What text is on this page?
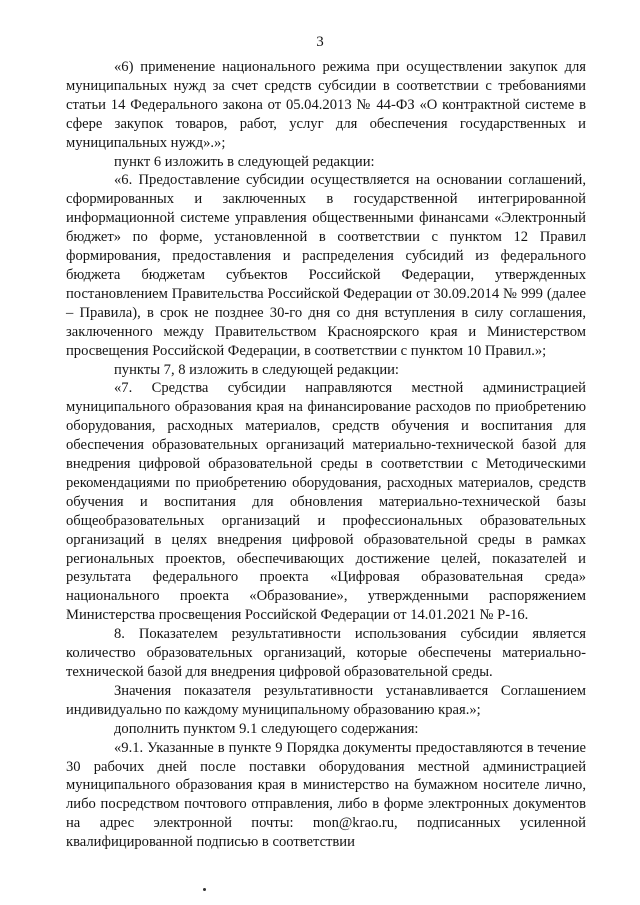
3

«6) применение национального режима при осуществлении закупок для муниципальных нужд за счет средств субсидии в соответствии с требованиями статьи 14 Федерального закона от 05.04.2013 № 44-ФЗ «О контрактной системе в сфере закупок товаров, работ, услуг для обеспечения государственных и муниципальных нужд».»;

пункт 6 изложить в следующей редакции:

«6. Предоставление субсидии осуществляется на основании соглашений, сформированных и заключенных в государственной интегрированной информационной системе управления общественными финансами «Электронный бюджет» по форме, установленной в соответствии с пунктом 12 Правил формирования, предоставления и распределения субсидий из федерального бюджета бюджетам субъектов Российской Федерации, утвержденных постановлением Правительства Российской Федерации от 30.09.2014 № 999 (далее – Правила), в срок не позднее 30-го дня со дня вступления в силу соглашения, заключенного между Правительством Красноярского края и Министерством просвещения Российской Федерации, в соответствии с пунктом 10 Правил.»;

пункты 7, 8 изложить в следующей редакции:

«7. Средства субсидии направляются местной администрацией муниципального образования края на финансирование расходов по приобретению оборудования, расходных материалов, средств обучения и воспитания для обеспечения образовательных организаций материально-технической базой для внедрения цифровой образовательной среды в соответствии с Методическими рекомендациями по приобретению оборудования, расходных материалов, средств обучения и воспитания для обновления материально-технической базы общеобразовательных организаций и профессиональных образовательных организаций в целях внедрения цифровой образовательной среды в рамках региональных проектов, обеспечивающих достижение целей, показателей и результата федерального проекта «Цифровая образовательная среда» национального проекта «Образование», утвержденными распоряжением Министерства просвещения Российской Федерации от 14.01.2021 № Р-16.

8. Показателем результативности использования субсидии является количество образовательных организаций, которые обеспечены материально-технической базой для внедрения цифровой образовательной среды.

Значения показателя результативности устанавливается Соглашением индивидуально по каждому муниципальному образованию края.»;

дополнить пунктом 9.1 следующего содержания:

«9.1. Указанные в пункте 9 Порядка документы предоставляются в течение 30 рабочих дней после поставки оборудования местной администрацией муниципального образования края в министерство на бумажном носителе лично, либо посредством почтового отправления, либо в форме электронных документов на адрес электронной почты: mon@krao.ru, подписанных усиленной квалифицированной подписью в соответствии
